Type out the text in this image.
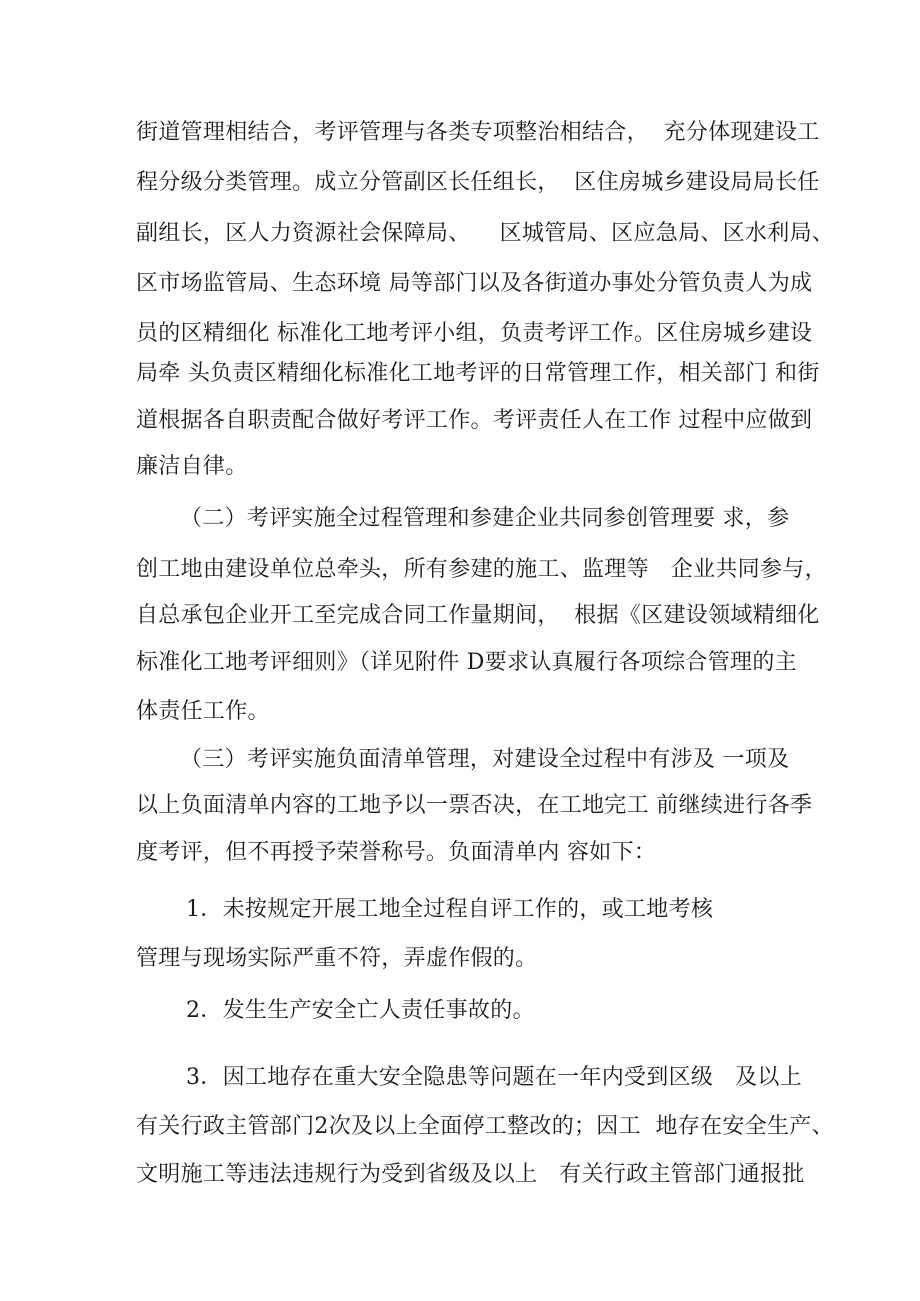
街道管理相结合，考评管理与各类专项整治相结合，  充分体现建设工
程分级分类管理。成立分管副区长任组长，  区住房城乡建设局局长任
副组长，区人力资源社会保障局、    区城管局、区应急局、区水利局、
区市场监管局、生态环境 局等部门以及各街道办事处分管负责人为成
员的区精细化 标准化工地考评小组，负责考评工作。区住房城乡建设
局牵 头负责区精细化标准化工地考评的日常管理工作，相关部门 和街
道根据各自职责配合做好考评工作。考评责任人在工作 过程中应做到
廉洁自律。
（二）考评实施全过程管理和参建企业共同参创管理要 求，参
创工地由建设单位总牵头，所有参建的施工、监理等   企业共同参与，
自总承包企业开工至完成合同工作量期间，  根据《区建设领域精细化
标准化工地考评细则》（详见附件 D要求认真履行各项综合管理的主
体责任工作。
（三）考评实施负面清单管理，对建设全过程中有涉及 一项及
以上负面清单内容的工地予以一票否决，在工地完工 前继续进行各季
度考评，但不再授予荣誉称号。负面清单内 容如下：
1．未按规定开展工地全过程自评工作的，或工地考核
管理与现场实际严重不符，弄虚作假的。
2．发生生产安全亡人责任事故的。
3．因工地存在重大安全隐患等问题在一年内受到区级   及以上
有关行政主管部门2次及以上全面停工整改的；因工  地存在安全生产、
文明施工等违法违规行为受到省级及以上   有关行政主管部门通报批
